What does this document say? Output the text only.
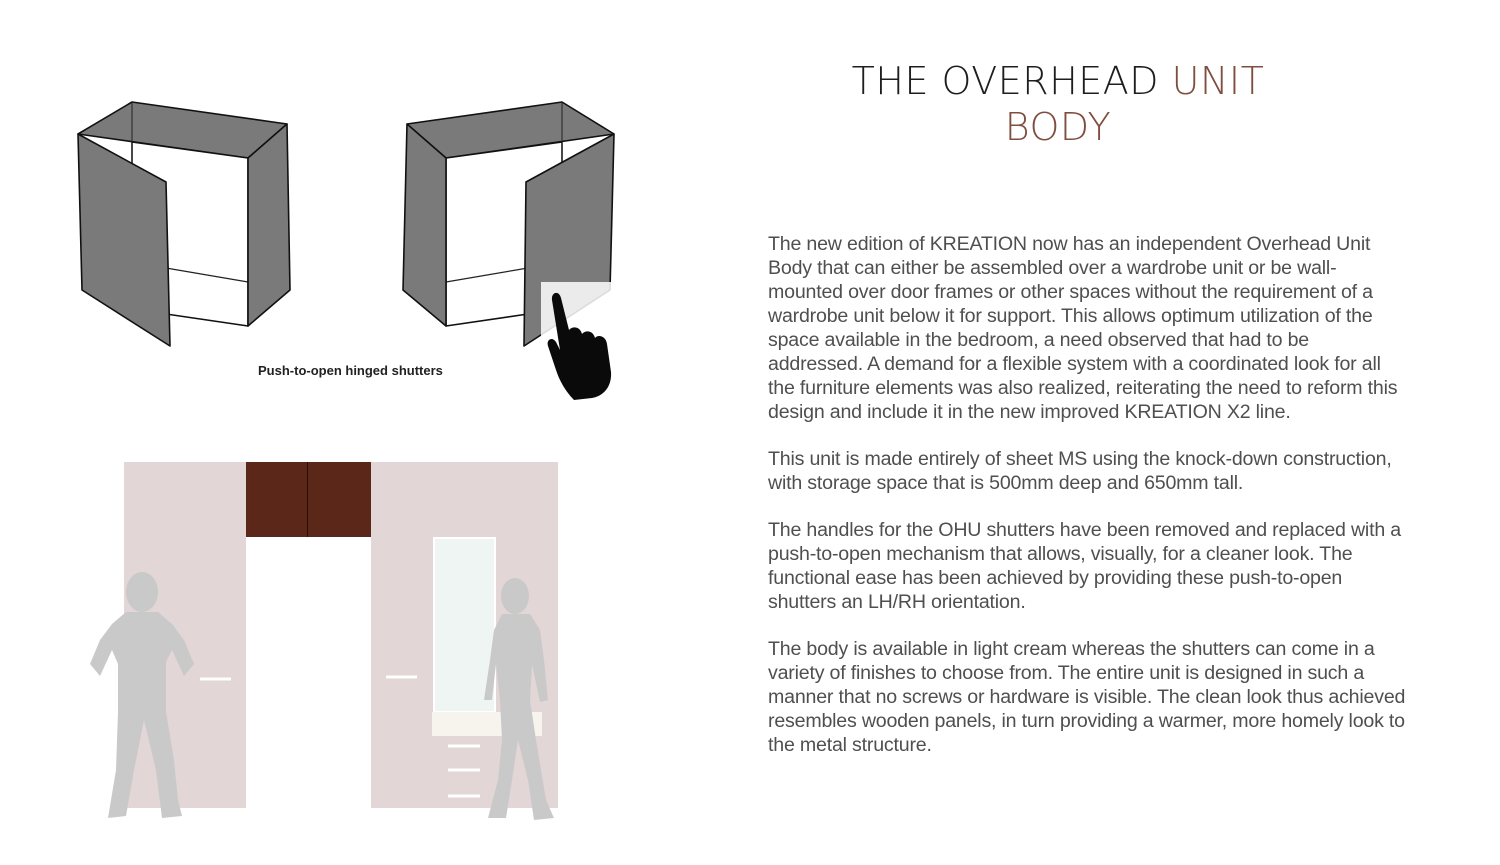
THE OVERHEAD UNIT
BODY

The new edition of KREATION now has an independent Overhead Unit Body that can either be assembled over a wardrobe unit or be wall-mounted over door frames or other spaces without the requirement of a wardrobe unit below it for support. This allows optimum utilization of the space available in the bedroom, a need observed that had to be addressed. A demand for a flexible system with a coordinated look for all the furniture elements was also realized, reiterating the need to reform this design and include it in the new improved KREATION X2 line.

This unit is made entirely of sheet MS using the knock-down construction, with storage space that is 500mm deep and 650mm tall.

The handles for the OHU shutters have been removed and replaced with a push-to-open mechanism that allows, visually, for a cleaner look. The functional ease has been achieved by providing these push-to-open shutters an LH/RH orientation.

The body is available in light cream whereas the shutters can come in a variety of finishes to choose from. The entire unit is designed in such a manner that no screws or hardware is visible. The clean look thus achieved resembles wooden panels, in turn providing a warmer, more homely look to the metal structure.

Push-to-open hinged shutters
